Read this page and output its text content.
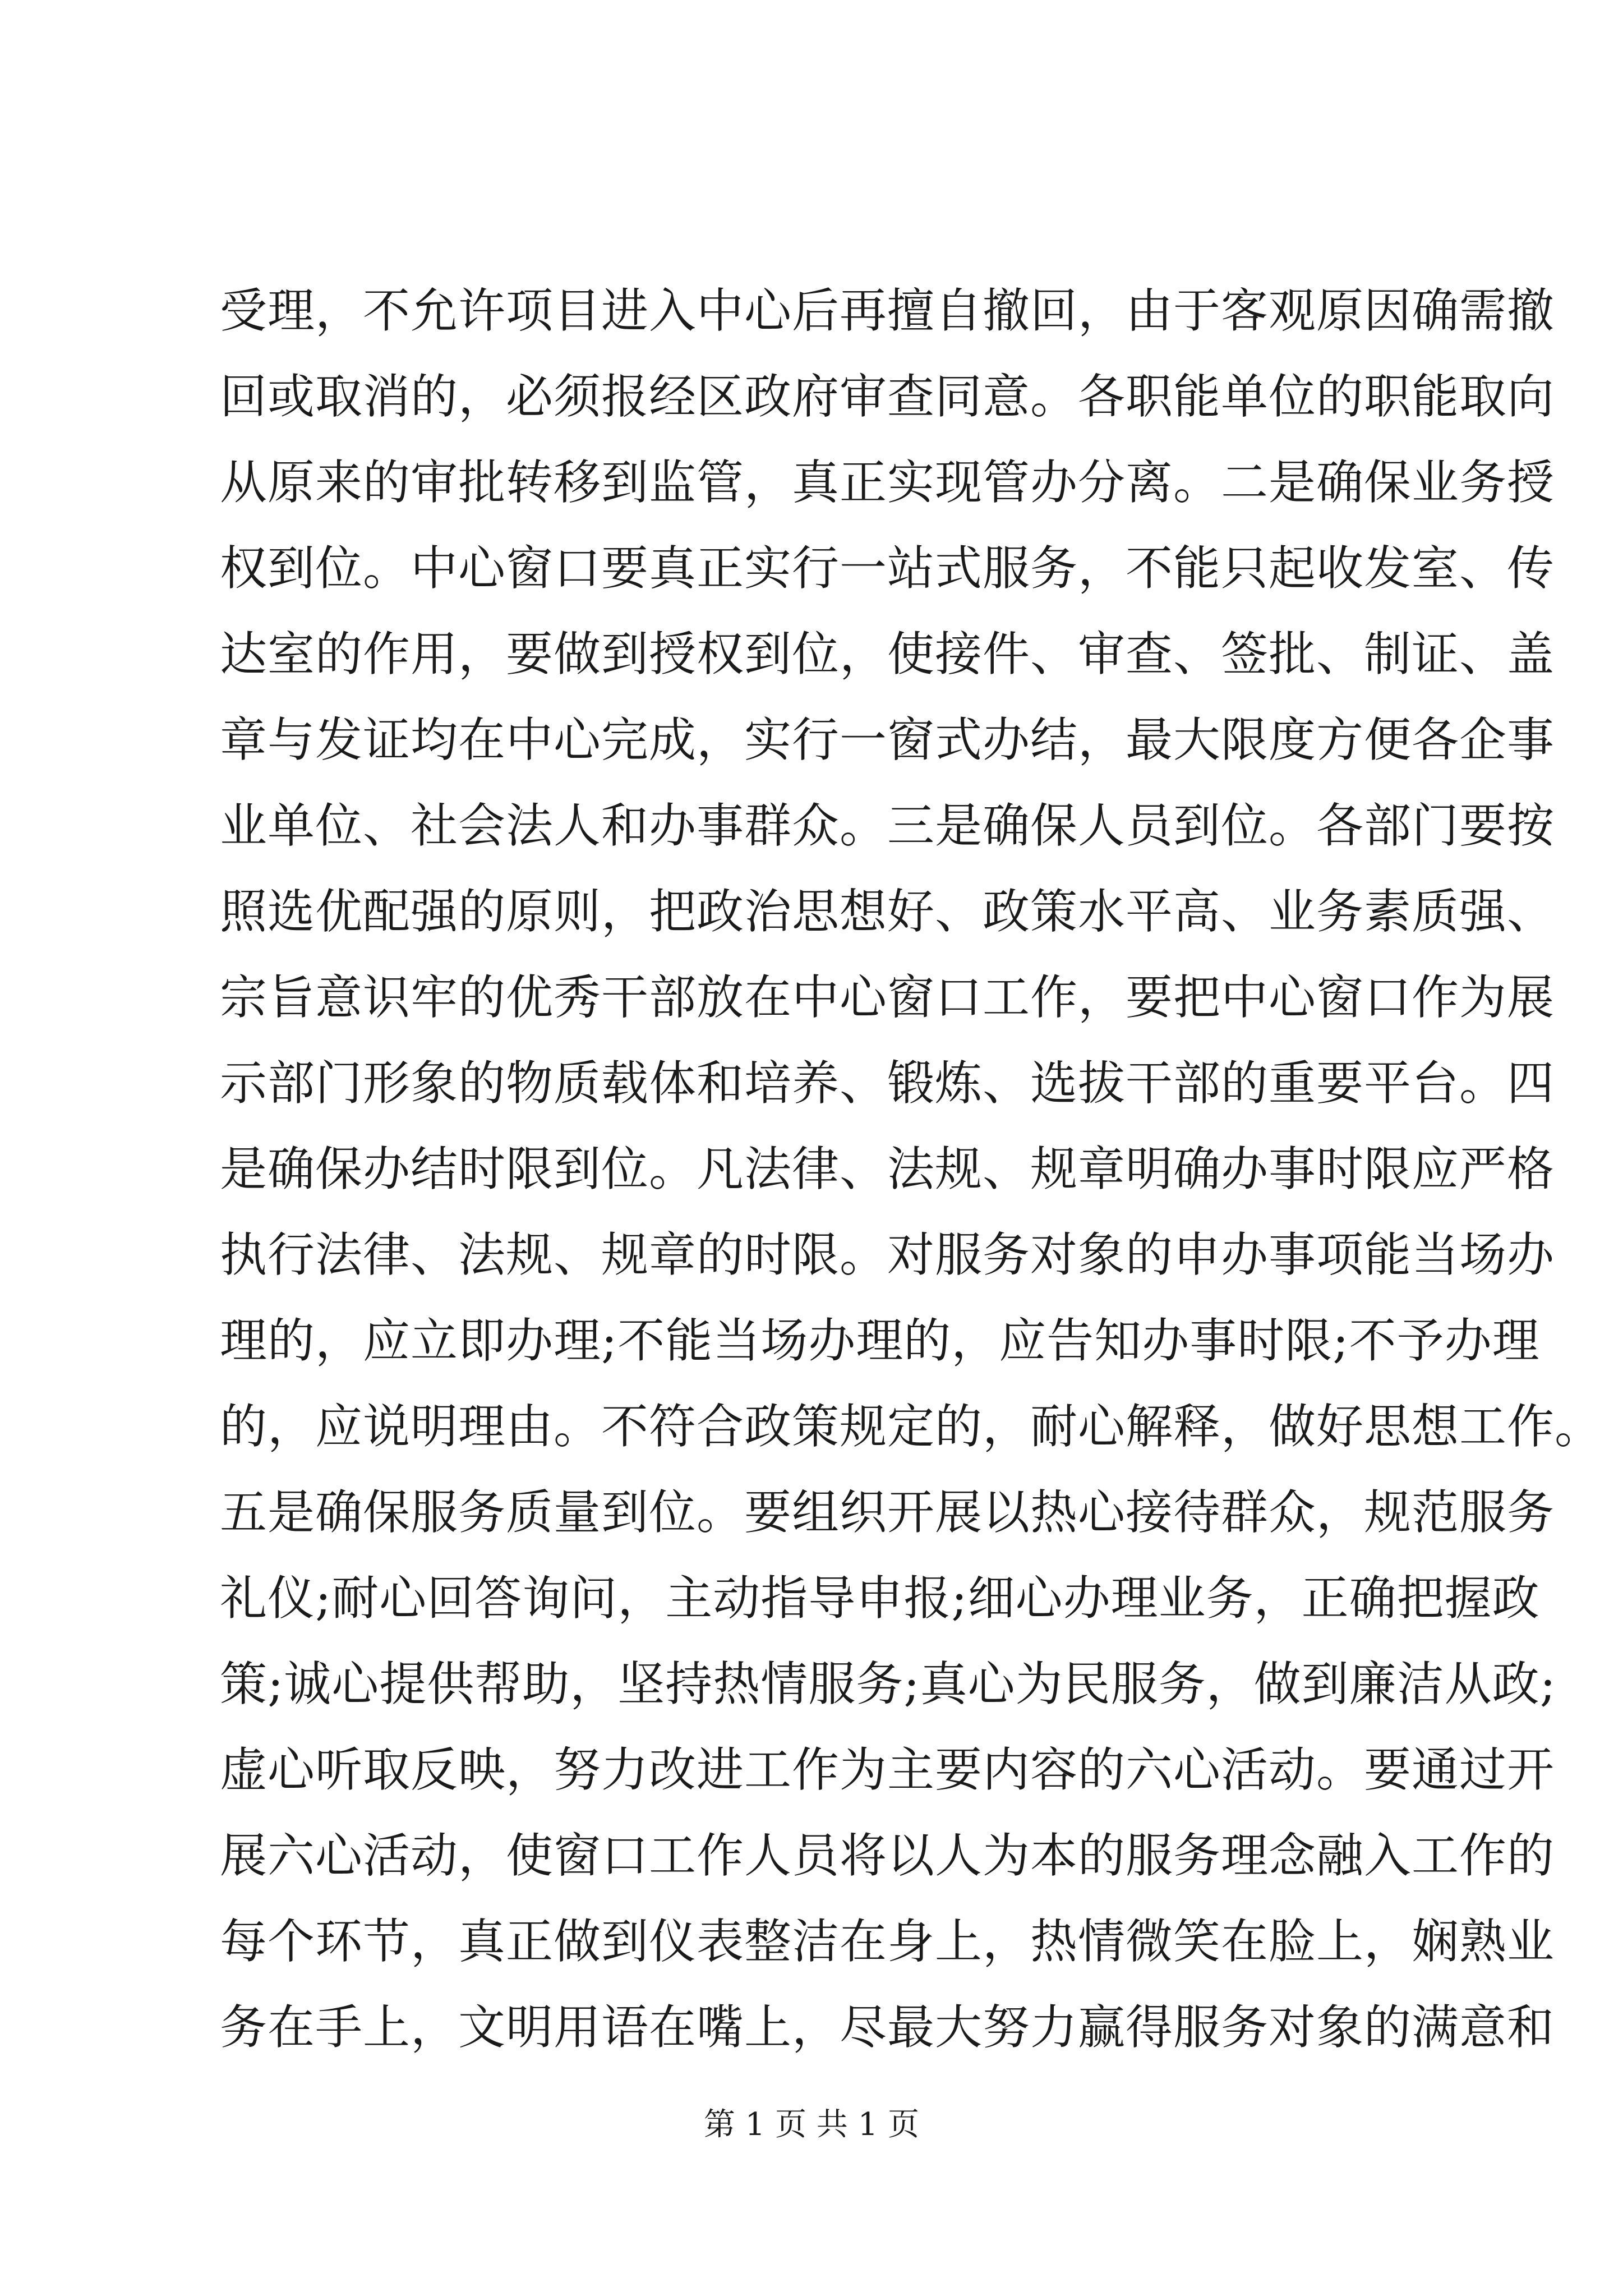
受理，不允许项目进入中心后再擅自撤回，由于客观原因确需撤
回或取消的，必须报经区政府审查同意。各职能单位的职能取向
从原来的审批转移到监管，真正实现管办分离。二是确保业务授
权到位。中心窗口要真正实行一站式服务，不能只起收发室、传
达室的作用，要做到授权到位，使接件、审查、签批、制证、盖
章与发证均在中心完成，实行一窗式办结，最大限度方便各企事
业单位、社会法人和办事群众。三是确保人员到位。各部门要按
照选优配强的原则，把政治思想好、政策水平高、业务素质强、
宗旨意识牢的优秀干部放在中心窗口工作，要把中心窗口作为展
示部门形象的物质载体和培养、锻炼、选拔干部的重要平台。四
是确保办结时限到位。凡法律、法规、规章明确办事时限应严格
执行法律、法规、规章的时限。对服务对象的申办事项能当场办
理的，应立即办理;不能当场办理的，应告知办事时限;不予办理
的，应说明理由。不符合政策规定的，耐心解释，做好思想工作。
五是确保服务质量到位。要组织开展以热心接待群众，规范服务
礼仪;耐心回答询问，主动指导申报;细心办理业务，正确把握政
策;诚心提供帮助，坚持热情服务;真心为民服务，做到廉洁从政;
虚心听取反映，努力改进工作为主要内容的六心活动。要通过开
展六心活动，使窗口工作人员将以人为本的服务理念融入工作的
每个环节，真正做到仪表整洁在身上，热情微笑在脸上，娴熟业
务在手上，文明用语在嘴上，尽最大努力赢得服务对象的满意和
第 1 页 共 1 页
